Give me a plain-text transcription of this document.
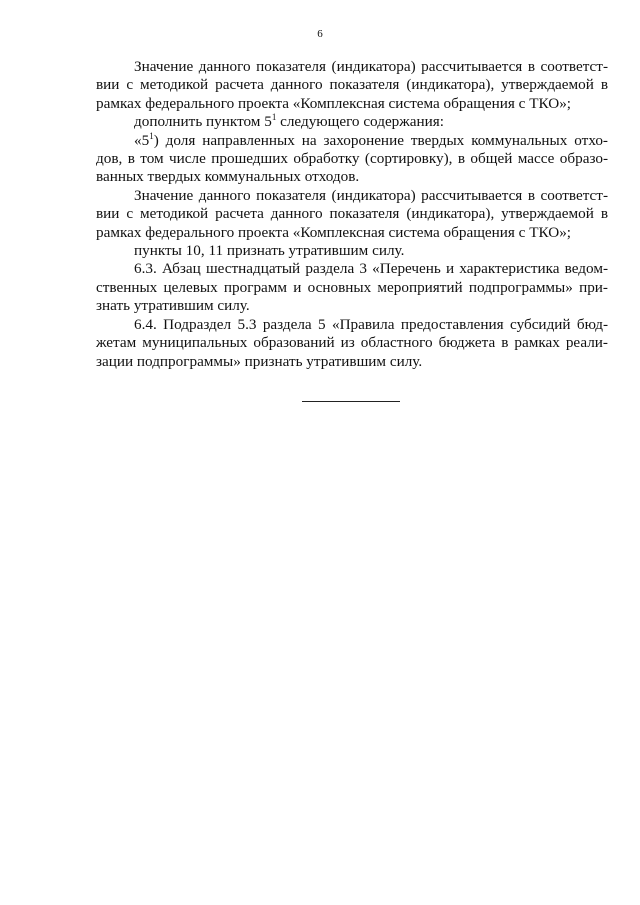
6
Значение данного показателя (индикатора) рассчитывается в соответст-
вии с методикой расчета данного показателя (индикатора), утверждаемой в
рамках федерального проекта «Комплексная система обращения с ТКО»;
дополнить пунктом $5^1$ следующего содержания:
«$5^1$) доля направленных на захоронение твердых коммунальных отхо-
дов, в том числе прошедших обработку (сортировку), в общей массе образо-
ванных твердых коммунальных отходов.
Значение данного показателя (индикатора) рассчитывается в соответст-
вии с методикой расчета данного показателя (индикатора), утверждаемой в
рамках федерального проекта «Комплексная система обращения с ТКО»;
пункты 10, 11 признать утратившим силу.
6.3. Абзац шестнадцатый раздела 3 «Перечень и характеристика ведом-
ственных целевых программ и основных мероприятий подпрограммы» при-
знать утратившим силу.
6.4. Подраздел 5.3 раздела 5 «Правила предоставления субсидий бюд-
жетам муниципальных образований из областного бюджета в рамках реали-
зации подпрограммы» признать утратившим силу.
